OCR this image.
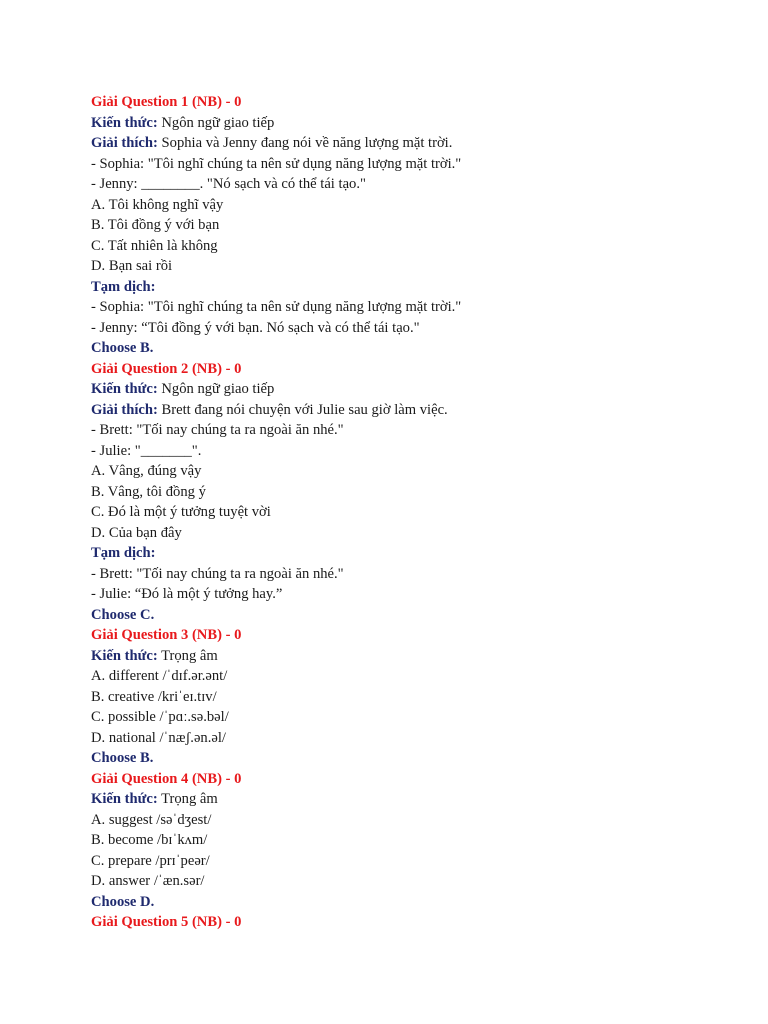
Giải Question 1 (NB) - 0
Kiến thức: Ngôn ngữ giao tiếp
Giải thích: Sophia và Jenny đang nói về năng lượng mặt trời.
- Sophia: "Tôi nghĩ chúng ta nên sử dụng năng lượng mặt trời."
- Jenny: ________. "Nó sạch và có thể tái tạo."
A. Tôi không nghĩ vậy
B. Tôi đồng ý với bạn
C. Tất nhiên là không
D. Bạn sai rồi
Tạm dịch:
- Sophia: "Tôi nghĩ chúng ta nên sử dụng năng lượng mặt trời."
- Jenny: “Tôi đồng ý với bạn. Nó sạch và có thể tái tạo."
Choose B.
Giải Question 2 (NB) - 0
Kiến thức: Ngôn ngữ giao tiếp
Giải thích: Brett đang nói chuyện với Julie sau giờ làm việc.
- Brett: "Tối nay chúng ta ra ngoài ăn nhé."
- Julie: "_______".
A. Vâng, đúng vậy
B. Vâng, tôi đồng ý
C. Đó là một ý tưởng tuyệt vời
D. Của bạn đây
Tạm dịch:
- Brett: "Tối nay chúng ta ra ngoài ăn nhé."
- Julie: “Đó là một ý tưởng hay.”
Choose C.
Giải Question 3 (NB) - 0
Kiến thức: Trọng âm
A. different /ˈdɪf.ər.ənt/
B. creative /kriˈeɪ.tɪv/
C. possible /ˈpɑː.sə.bəl/
D. national /ˈnæʃ.ən.əl/
Choose B.
Giải Question 4 (NB) - 0
Kiến thức: Trọng âm
A. suggest /səˈdʒest/
B. become /bɪˈkʌm/
C. prepare /prɪˈpeər/
D. answer /ˈæn.sər/
Choose D.
Giải Question 5 (NB) - 0
